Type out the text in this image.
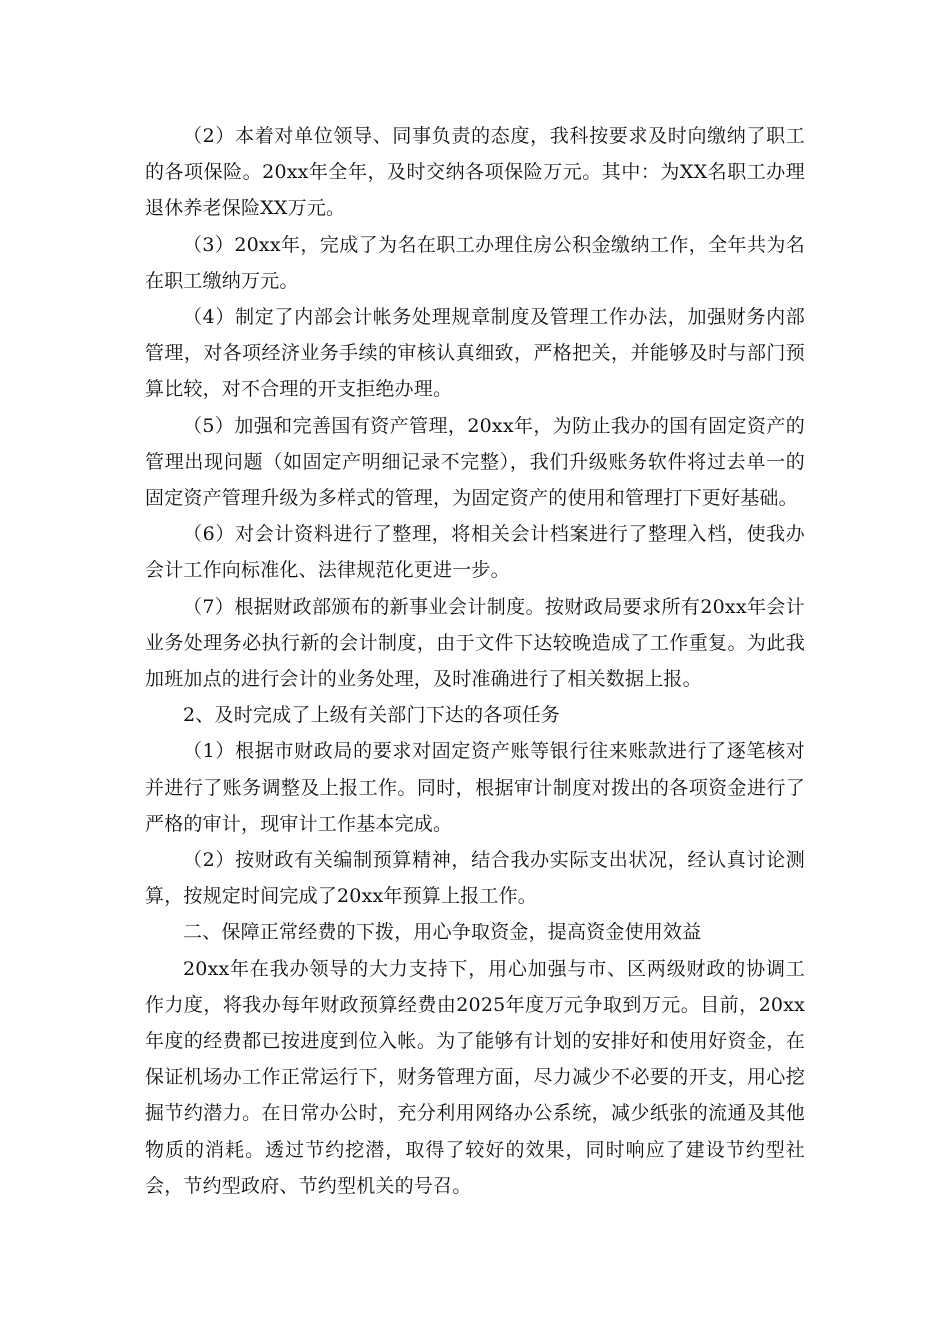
（2）本着对单位领导、同事负责的态度，我科按要求及时向缴纳了职工的各项保险。20xx年全年，及时交纳各项保险万元。其中：为XX名职工办理退休养老保险XX万元。

（3）20xx年，完成了为名在职工办理住房公积金缴纳工作，全年共为名在职工缴纳万元。

（4）制定了内部会计帐务处理规章制度及管理工作办法，加强财务内部管理，对各项经济业务手续的审核认真细致，严格把关，并能够及时与部门预算比较，对不合理的开支拒绝办理。

（5）加强和完善国有资产管理，20xx年，为防止我办的国有固定资产的管理出现问题（如固定产明细记录不完整），我们升级账务软件将过去单一的固定资产管理升级为多样式的管理，为固定资产的使用和管理打下更好基础。

（6）对会计资料进行了整理，将相关会计档案进行了整理入档，使我办会计工作向标准化、法律规范化更进一步。

（7）根据财政部颁布的新事业会计制度。按财政局要求所有20xx年会计业务处理务必执行新的会计制度，由于文件下达较晚造成了工作重复。为此我加班加点的进行会计的业务处理，及时准确进行了相关数据上报。

2、及时完成了上级有关部门下达的各项任务

（1）根据市财政局的要求对固定资产账等银行往来账款进行了逐笔核对并进行了账务调整及上报工作。同时，根据审计制度对拨出的各项资金进行了严格的审计，现审计工作基本完成。

（2）按财政有关编制预算精神，结合我办实际支出状况，经认真讨论测算，按规定时间完成了20xx年预算上报工作。

二、保障正常经费的下拨，用心争取资金，提高资金使用效益

20xx年在我办领导的大力支持下，用心加强与市、区两级财政的协调工作力度，将我办每年财政预算经费由2025年度万元争取到万元。目前，20xx年度的经费都已按进度到位入帐。为了能够有计划的安排好和使用好资金，在保证机场办工作正常运行下，财务管理方面，尽力减少不必要的开支，用心挖掘节约潜力。在日常办公时，充分利用网络办公系统，减少纸张的流通及其他物质的消耗。透过节约挖潜，取得了较好的效果，同时响应了建设节约型社会，节约型政府、节约型机关的号召。
